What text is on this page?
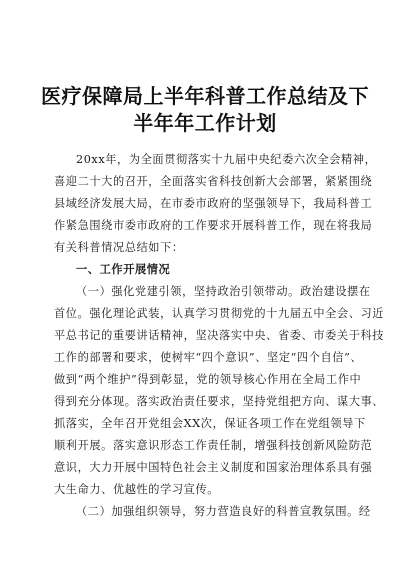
医疗保障局上半年科普工作总结及下
半年年工作计划
20xx年，为全面贯彻落实十九届中央纪委六次全会精神，
喜迎二十大的召开，全面落实省科技创新大会部署，紧紧围绕
县域经济发展大局，在市委市政府的坚强领导下，我局科普工
作紧急围绕市委市政府的工作要求开展科普工作，现在将我局
有关科普情况总结如下：
一、工作开展情况
（一）强化党建引领，坚持政治引领带动。政治建设摆在
首位。强化理论武装，认真学习贯彻党的十九届五中全会、习近
平总书记的重要讲话精神，坚决落实中央、省委、市委关于科技
工作的部署和要求，使树牢“四个意识”、坚定“四个自信”、
做到“两个维护”得到彰显，党的领导核心作用在全局工作中
得到充分体现。落实政治责任要求，坚持党组把方向、谋大事、
抓落实，全年召开党组会XX次，保证各项工作在党组领导下
顺利开展。落实意识形态工作责任制，增强科技创新风险防范
意识，大力开展中国特色社会主义制度和国家治理体系具有强
大生命力、优越性的学习宣传。
（二）加强组织领导，努力营造良好的科普宣教氛围。经
